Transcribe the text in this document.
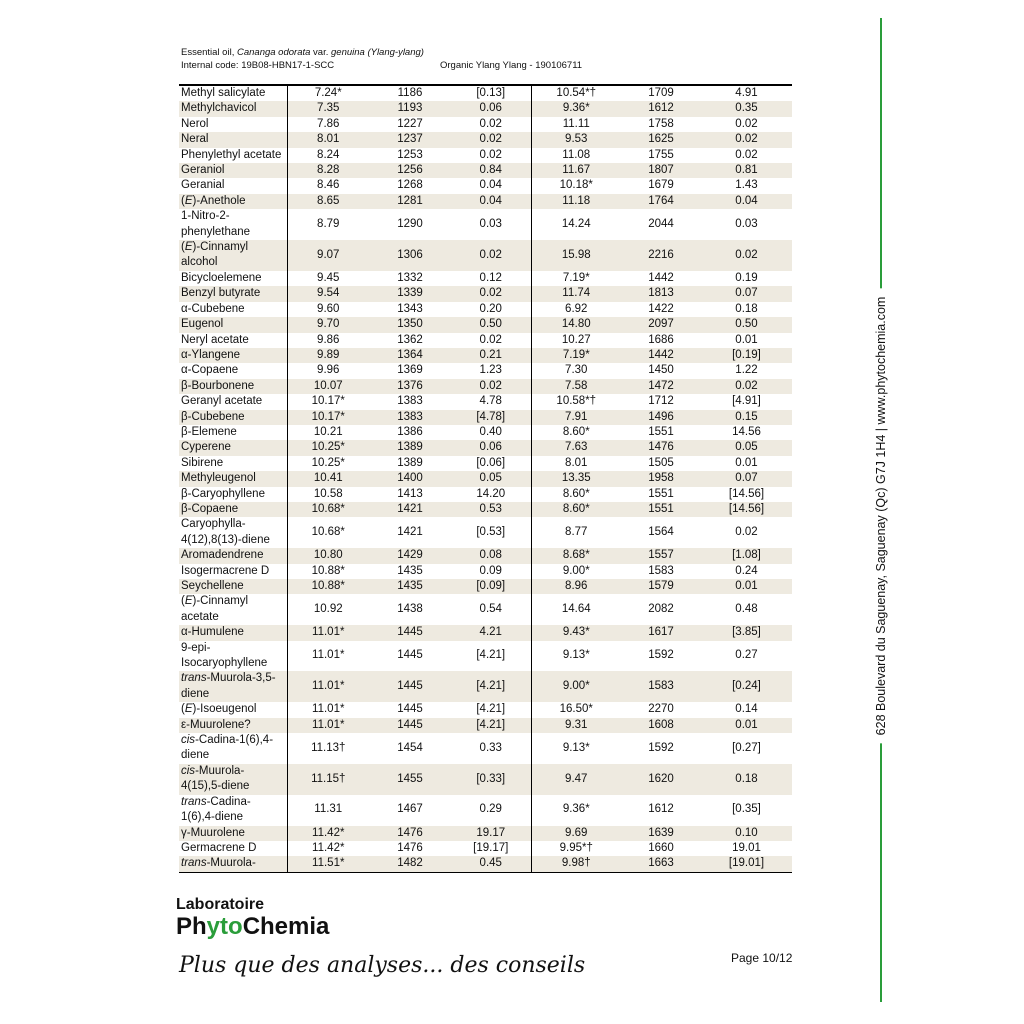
Essential oil, Cananga odorata var. genuina (Ylang-ylang)
Internal code: 19B08-HBN17-1-SCC	Organic Ylang Ylang - 190106711
Methyl salicylate	7.24*	1186	[0.13]	10.54*†	1709	4.91
Methylchavicol	7.35	1193	0.06	9.36*	1612	0.35
Nerol	7.86	1227	0.02	11.11	1758	0.02
Neral	8.01	1237	0.02	9.53	1625	0.02
Phenylethyl acetate	8.24	1253	0.02	11.08	1755	0.02
Geraniol	8.28	1256	0.84	11.67	1807	0.81
Geranial	8.46	1268	0.04	10.18*	1679	1.43
(E)-Anethole	8.65	1281	0.04	11.18	1764	0.04
1-Nitro-2-phenylethane	8.79	1290	0.03	14.24	2044	0.03
(E)-Cinnamyl alcohol	9.07	1306	0.02	15.98	2216	0.02
Bicycloelemene	9.45	1332	0.12	7.19*	1442	0.19
Benzyl butyrate	9.54	1339	0.02	11.74	1813	0.07
α-Cubebene	9.60	1343	0.20	6.92	1422	0.18
Eugenol	9.70	1350	0.50	14.80	2097	0.50
Neryl acetate	9.86	1362	0.02	10.27	1686	0.01
α-Ylangene	9.89	1364	0.21	7.19*	1442	[0.19]
α-Copaene	9.96	1369	1.23	7.30	1450	1.22
β-Bourbonene	10.07	1376	0.02	7.58	1472	0.02
Geranyl acetate	10.17*	1383	4.78	10.58*†	1712	[4.91]
β-Cubebene	10.17*	1383	[4.78]	7.91	1496	0.15
β-Elemene	10.21	1386	0.40	8.60*	1551	14.56
Cyperene	10.25*	1389	0.06	7.63	1476	0.05
Sibirene	10.25*	1389	[0.06]	8.01	1505	0.01
Methyleugenol	10.41	1400	0.05	13.35	1958	0.07
β-Caryophyllene	10.58	1413	14.20	8.60*	1551	[14.56]
β-Copaene	10.68*	1421	0.53	8.60*	1551	[14.56]
Caryophylla-4(12),8(13)-diene	10.68*	1421	[0.53]	8.77	1564	0.02
Aromadendrene	10.80	1429	0.08	8.68*	1557	[1.08]
Isogermacrene D	10.88*	1435	0.09	9.00*	1583	0.24
Seychellene	10.88*	1435	[0.09]	8.96	1579	0.01
(E)-Cinnamyl acetate	10.92	1438	0.54	14.64	2082	0.48
α-Humulene	11.01*	1445	4.21	9.43*	1617	[3.85]
9-epi-Isocaryophyllene	11.01*	1445	[4.21]	9.13*	1592	0.27
trans-Muurola-3,5-diene	11.01*	1445	[4.21]	9.00*	1583	[0.24]
(E)-Isoeugenol	11.01*	1445	[4.21]	16.50*	2270	0.14
ε-Muurolene?	11.01*	1445	[4.21]	9.31	1608	0.01
cis-Cadina-1(6),4-diene	11.13†	1454	0.33	9.13*	1592	[0.27]
cis-Muurola-4(15),5-diene	11.15†	1455	[0.33]	9.47	1620	0.18
trans-Cadina-1(6),4-diene	11.31	1467	0.29	9.36*	1612	[0.35]
γ-Muurolene	11.42*	1476	19.17	9.69	1639	0.10
Germacrene D	11.42*	1476	[19.17]	9.95*†	1660	19.01
trans-Muurola-	11.51*	1482	0.45	9.98†	1663	[19.01]
Laboratoire
PhytoChemia
Plus que des analyses... des conseils	Page 10/12
628 Boulevard du Saguenay, Saguenay (Qc) G7J 1H4 | www.phytochemia.com
